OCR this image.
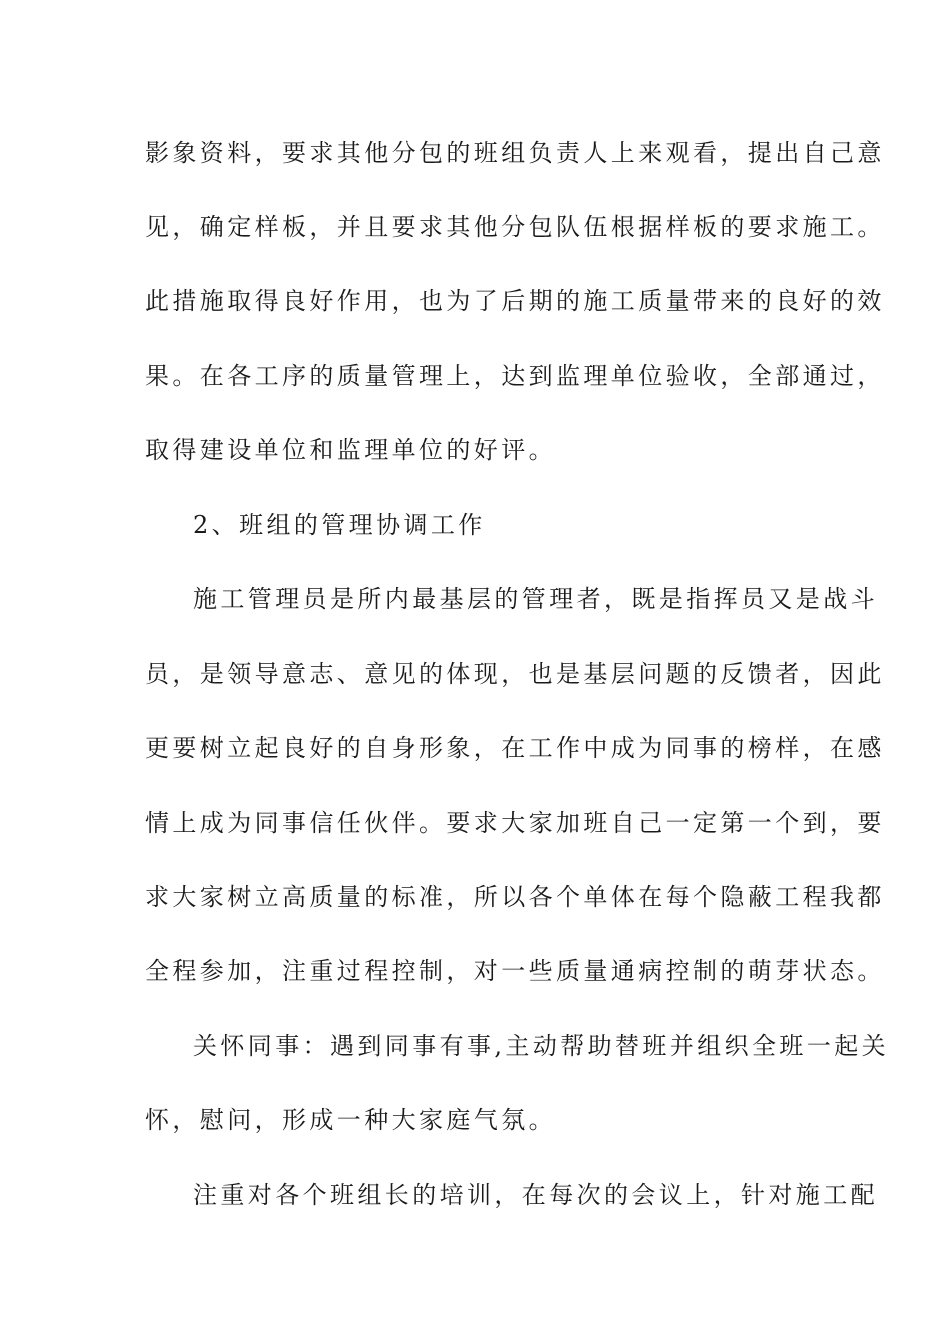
影象资料，要求其他分包的班组负责人上来观看，提出自己意
见，确定样板，并且要求其他分包队伍根据样板的要求施工。
此措施取得良好作用，也为了后期的施工质量带来的良好的效
果。在各工序的质量管理上，达到监理单位验收，全部通过，
取得建设单位和监理单位的好评。
2、班组的管理协调工作
施工管理员是所内最基层的管理者，既是指挥员又是战斗
员，是领导意志、意见的体现，也是基层问题的反馈者，因此
更要树立起良好的自身形象，在工作中成为同事的榜样，在感
情上成为同事信任伙伴。要求大家加班自己一定第一个到，要
求大家树立高质量的标准，所以各个单体在每个隐蔽工程我都
全程参加，注重过程控制，对一些质量通病控制的萌芽状态。
关怀同事：遇到同事有事,主动帮助替班并组织全班一起关
怀，慰问，形成一种大家庭气氛。
注重对各个班组长的培训，在每次的会议上，针对施工配
